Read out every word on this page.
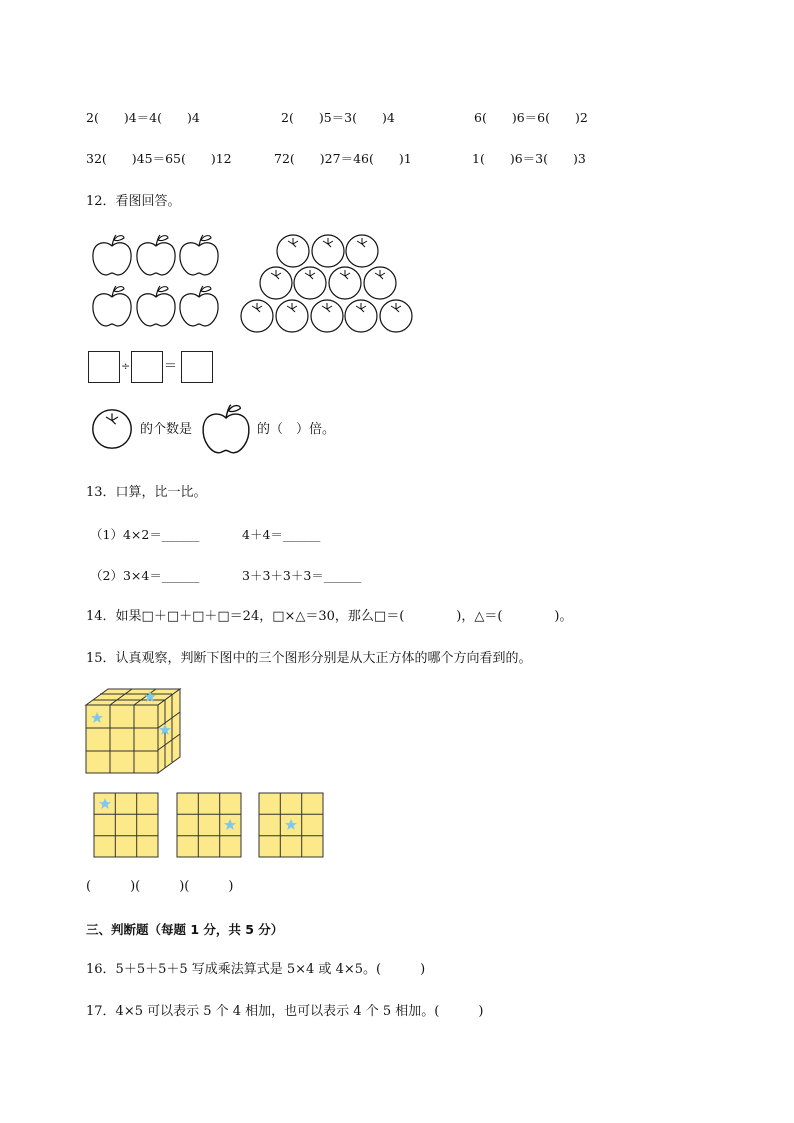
2(　　)4＝4(　　)4	2(　　)5＝3(　　)4	6(　　)6＝6(　　)2
32(　　)45＝65(　　)12	72(　　)27＝46(　　)1	1(　　)6＝3(　　)3
12．看图回答。
÷	＝
的个数是	的（　）倍。
13．口算，比一比。
（1）4×2＝______	4＋4＝______
（2）3×4＝______	3＋3＋3＋3＝______
14．如果□＋□＋□＋□＝24，□×△＝30，那么□＝(　　　　)，△＝(　　　　)。
15．认真观察，判断下图中的三个图形分别是从大正方体的哪个方向看到的。
(　　　)(　　　)(　　　)
三、判断题（每题 1 分，共 5 分）
16．5＋5＋5＋5 写成乘法算式是 5×4 或 4×5。(　　　)
17．4×5 可以表示 5 个 4 相加，也可以表示 4 个 5 相加。(　　　)
